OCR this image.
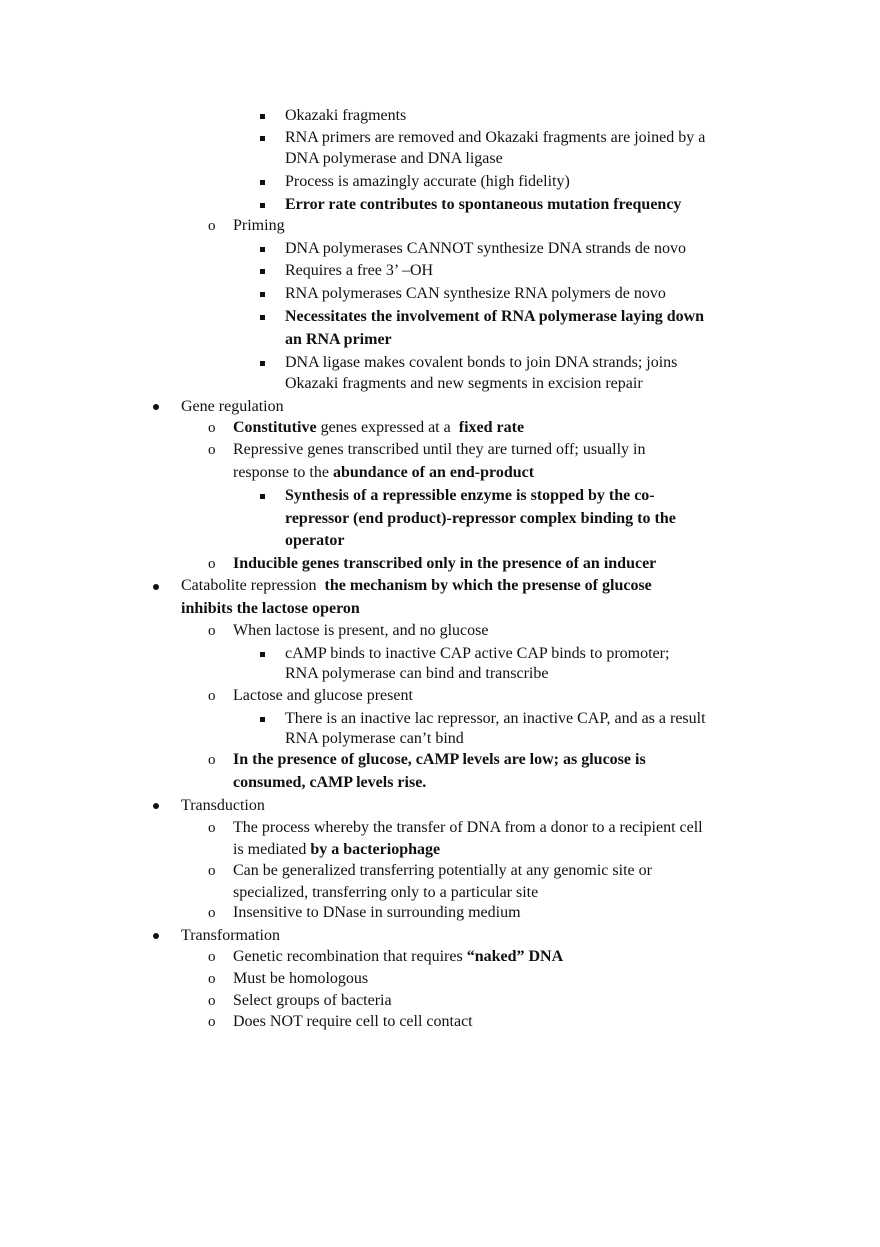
Okazaki fragments
RNA primers are removed and Okazaki fragments are joined by a
DNA polymerase and DNA ligase
Process is amazingly accurate (high fidelity)
Error rate contributes to spontaneous mutation frequency
o Priming
DNA polymerases CANNOT synthesize DNA strands de novo
Requires a free 3’ –OH
RNA polymerases CAN synthesize RNA polymers de novo
Necessitates the involvement of RNA polymerase laying down
an RNA primer
DNA ligase makes covalent bonds to join DNA strands; joins
Okazaki fragments and new segments in excision repair
Gene regulation
o Constitutive genes expressed at a  fixed rate
o Repressive genes transcribed until they are turned off; usually in
response to the abundance of an end-product
Synthesis of a repressible enzyme is stopped by the co-
repressor (end product)-repressor complex binding to the
operator
o Inducible genes transcribed only in the presence of an inducer
Catabolite repression  the mechanism by which the presense of glucose
inhibits the lactose operon
o When lactose is present, and no glucose
cAMP binds to inactive CAP active CAP binds to promoter;
RNA polymerase can bind and transcribe
o Lactose and glucose present
There is an inactive lac repressor, an inactive CAP, and as a result
RNA polymerase can’t bind
o In the presence of glucose, cAMP levels are low; as glucose is
consumed, cAMP levels rise.
Transduction
o The process whereby the transfer of DNA from a donor to a recipient cell
is mediated by a bacteriophage
o Can be generalized transferring potentially at any genomic site or
specialized, transferring only to a particular site
o Insensitive to DNase in surrounding medium
Transformation
o Genetic recombination that requires “naked” DNA
o Must be homologous
o Select groups of bacteria
o Does NOT require cell to cell contact
